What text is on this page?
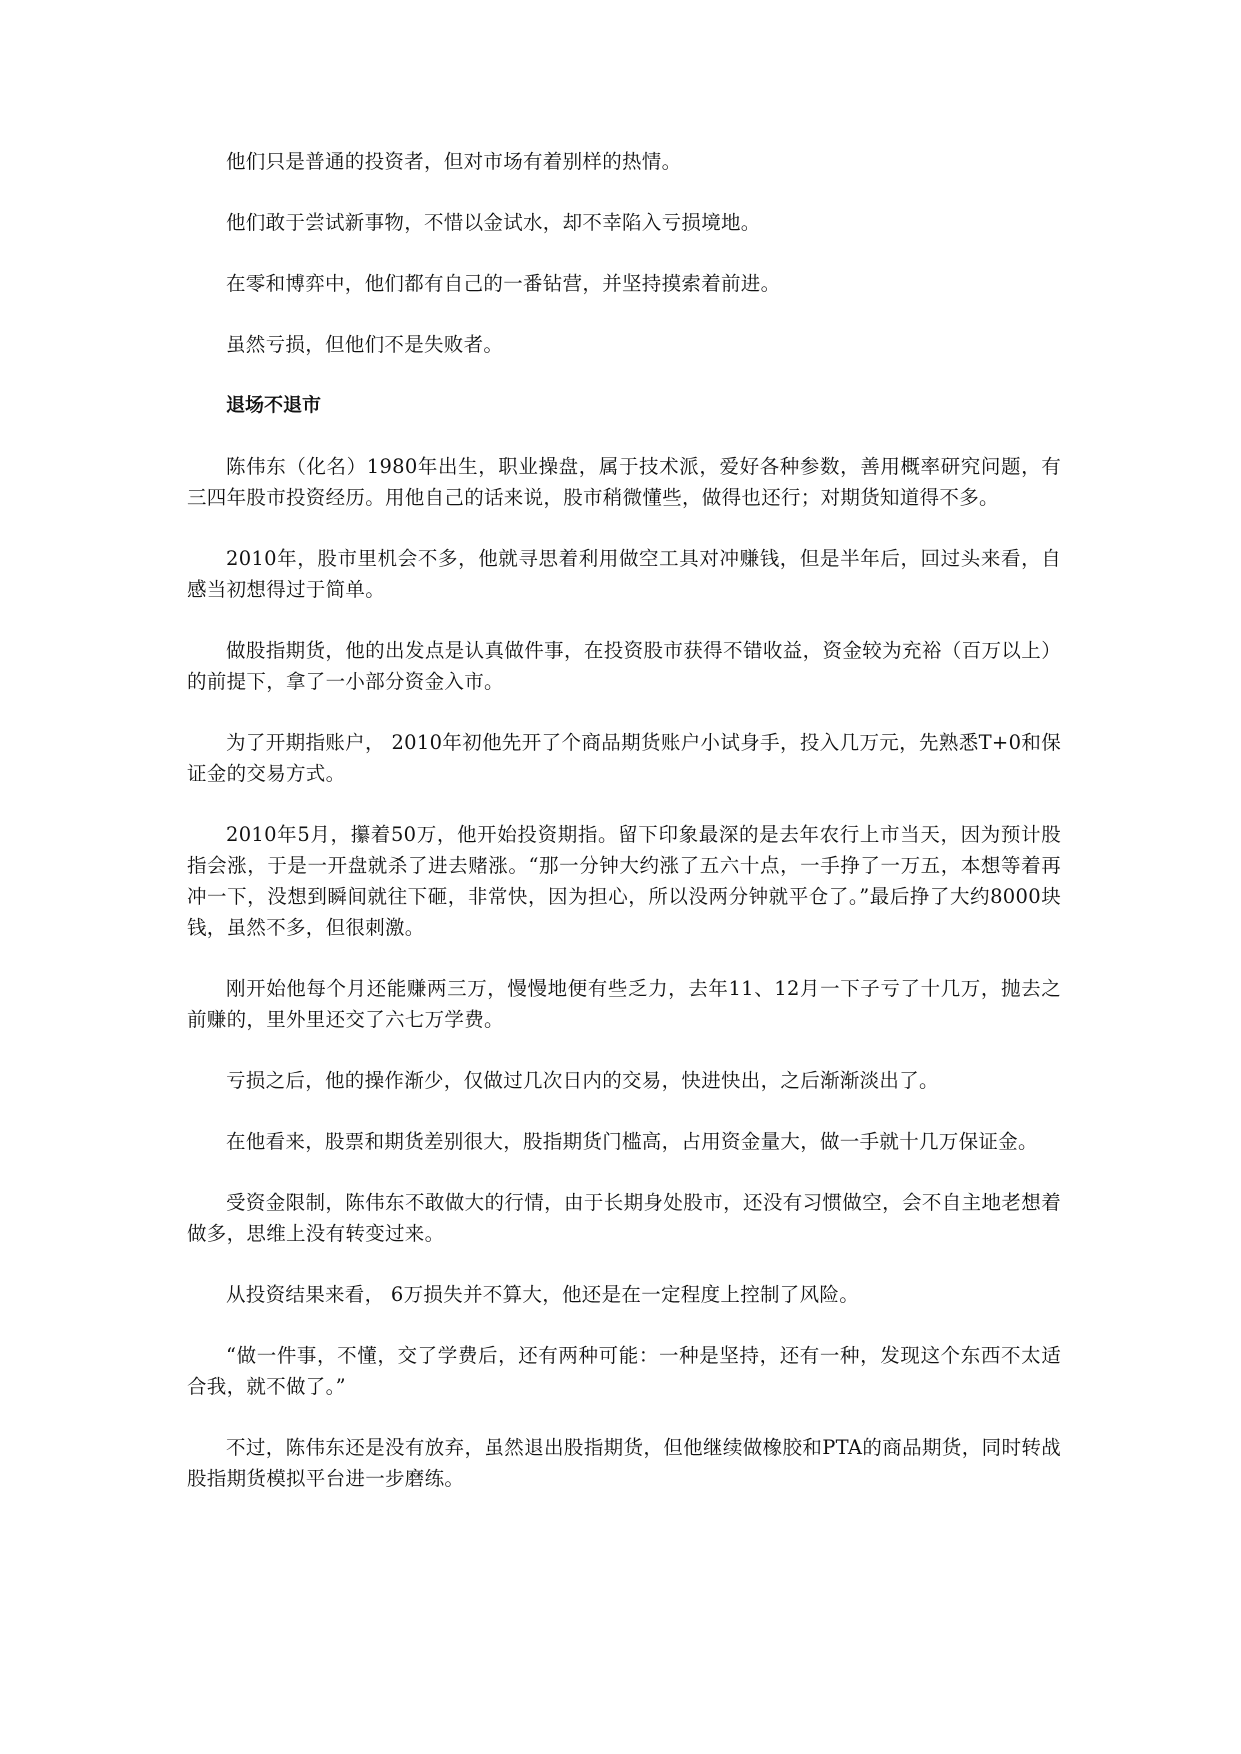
他们只是普通的投资者，但对市场有着别样的热情。

他们敢于尝试新事物，不惜以金试水，却不幸陷入亏损境地。

在零和博弈中，他们都有自己的一番钻营，并坚持摸索着前进。

虽然亏损，但他们不是失败者。

退场不退市

陈伟东（化名）1980年出生，职业操盘，属于技术派，爱好各种参数，善用概率研究问题，有三四年股市投资经历。用他自己的话来说，股市稍微懂些，做得也还行；对期货知道得不多。

2010年，股市里机会不多，他就寻思着利用做空工具对冲赚钱，但是半年后，回过头来看，自感当初想得过于简单。

做股指期货，他的出发点是认真做件事，在投资股市获得不错收益，资金较为充裕（百万以上）的前提下，拿了一小部分资金入市。

为了开期指账户， 2010年初他先开了个商品期货账户小试身手，投入几万元，先熟悉T+0和保证金的交易方式。

2010年5月，攥着50万，他开始投资期指。留下印象最深的是去年农行上市当天，因为预计股指会涨，于是一开盘就杀了进去赌涨。“那一分钟大约涨了五六十点，一手挣了一万五，本想等着再冲一下，没想到瞬间就往下砸，非常快，因为担心，所以没两分钟就平仓了。”最后挣了大约8000块钱，虽然不多，但很刺激。

刚开始他每个月还能赚两三万，慢慢地便有些乏力，去年11、12月一下子亏了十几万，抛去之前赚的，里外里还交了六七万学费。

亏损之后，他的操作渐少，仅做过几次日内的交易，快进快出，之后渐渐淡出了。

在他看来，股票和期货差别很大，股指期货门槛高，占用资金量大，做一手就十几万保证金。

受资金限制，陈伟东不敢做大的行情，由于长期身处股市，还没有习惯做空，会不自主地老想着做多，思维上没有转变过来。

从投资结果来看， 6万损失并不算大，他还是在一定程度上控制了风险。

“做一件事，不懂，交了学费后，还有两种可能：一种是坚持，还有一种，发现这个东西不太适合我，就不做了。”

不过，陈伟东还是没有放弃，虽然退出股指期货，但他继续做橡胶和PTA的商品期货，同时转战股指期货模拟平台进一步磨练。
